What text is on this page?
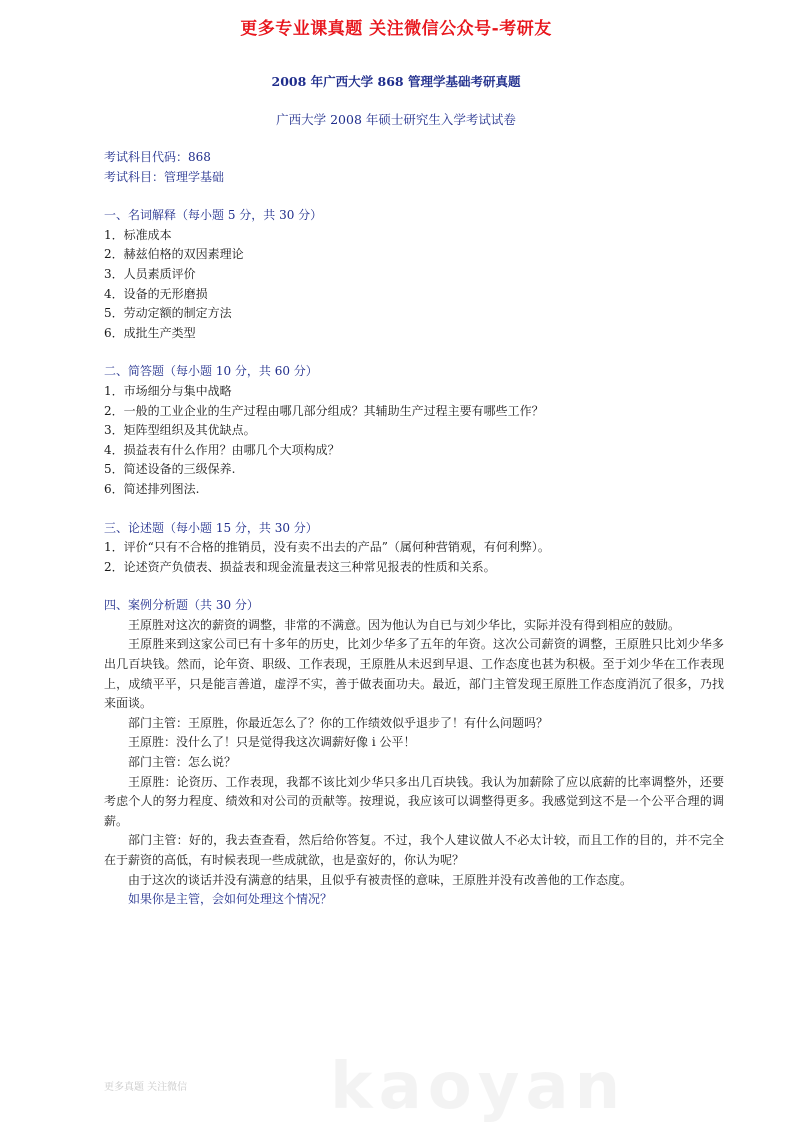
更多专业课真题 关注微信公众号-考研友
2008 年广西大学 868 管理学基础考研真题
广西大学 2008 年硕士研究生入学考试试卷

考试科目代码：868

考试科目：管理学基础

一、名词解释（每小题 5 分，共 30 分）

1．标准成本

2．赫兹伯格的双因素理论

3．人员素质评价

4．设备的无形磨损

5．劳动定额的制定方法

6．成批生产类型

二、简答题（每小题 10 分，共 60 分）

1．市场细分与集中战略

2．一般的工业企业的生产过程由哪几部分组成？其辅助生产过程主要有哪些工作？

3．矩阵型组织及其优缺点。

4．损益表有什么作用？由哪几个大项构成？

5．简述设备的三级保养.

6．简述排列图法.

三、论述题（每小题 15 分，共 30 分）

1．评价“只有不合格的推销员，没有卖不出去的产品”（属何种营销观，有何利弊）。

2．论述资产负债表、损益表和现金流量表这三种常见报表的性质和关系。

四、案例分析题（共 30 分）

王原胜对这次的薪资的调整，非常的不满意。因为他认为自已与刘少华比，实际并没有得到相应的鼓励。

王原胜来到这家公司已有十多年的历史，比刘少华多了五年的年资。这次公司薪资的调整，王原胜只比刘少华多出几百块钱。然而，论年资、职级、工作表现，王原胜从未迟到早退、工作态度也甚为积极。至于刘少华在工作表现上，成绩平平，只是能言善道，虚浮不实，善于做表面功夫。最近，部门主管发现王原胜工作态度消沉了很多，乃找来面谈。

部门主管：王原胜，你最近怎么了？你的工作绩效似乎退步了！有什么问题吗？

王原胜：没什么了！只是觉得我这次调薪好像 i 公平！

部门主管：怎么说？

王原胜：论资历、工作表现，我都不该比刘少华只多出几百块钱。我认为加薪除了应以底薪的比率调整外，还要考虑个人的努力程度、绩效和对公司的贡献等。按理说，我应该可以调整得更多。我感觉到这不是一个公平合理的调薪。

部门主管：好的，我去查查看，然后给你答复。不过，我个人建议做人不必太计较，而且工作的目的，并不完全在于薪资的高低，有时候表现一些成就欲，也是蛮好的，你认为呢？

由于这次的谈话并没有满意的结果，且似乎有被责怪的意味，王原胜并没有改善他的工作态度。

如果你是主管，会如何处理这个情况？

更多真题 关注微信
